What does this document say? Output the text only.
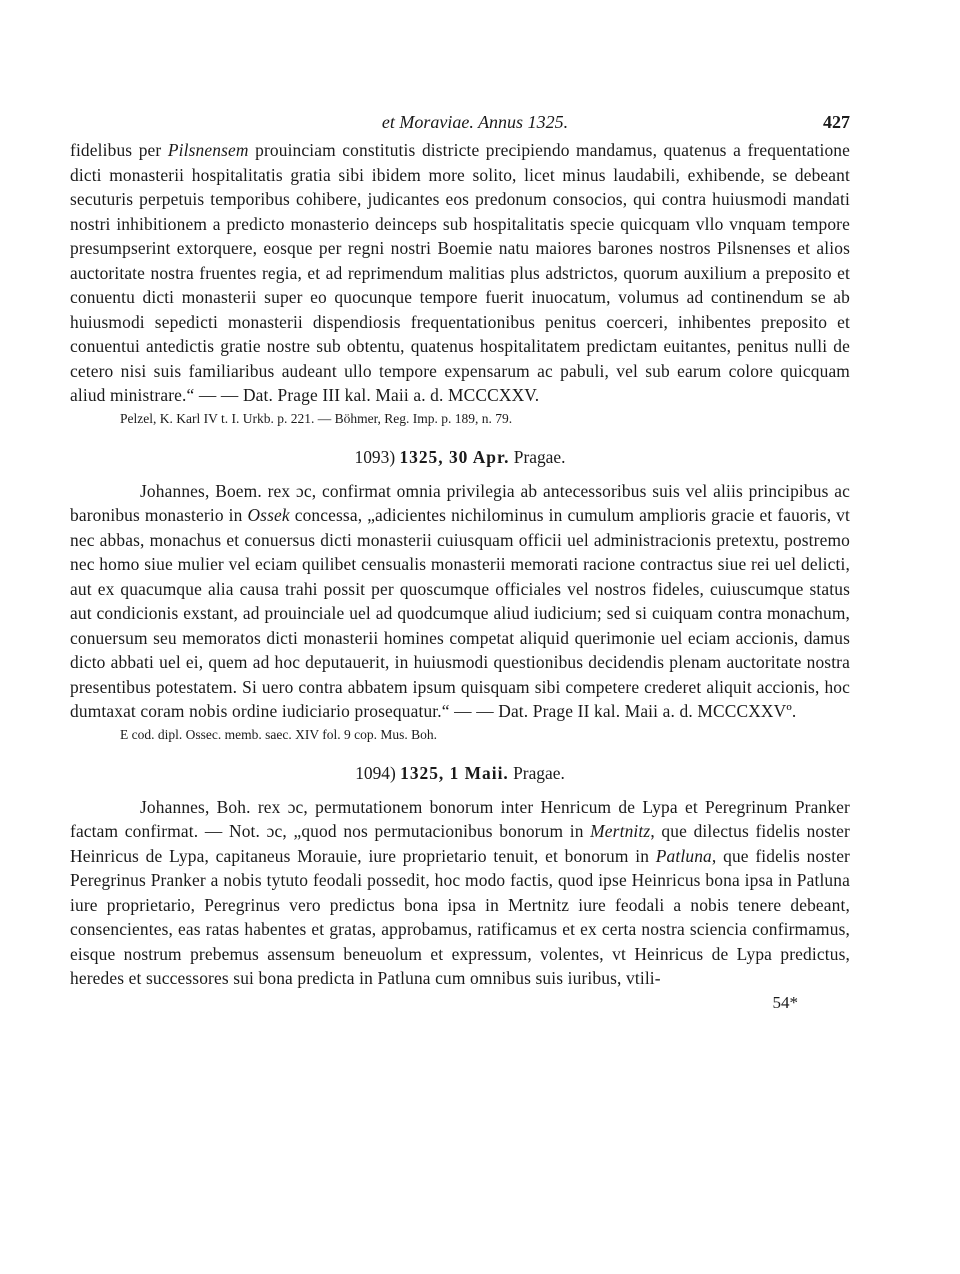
et Moraviae. Annus 1325.	427

fidelibus per Pilsnensem prouinciam constitutis districte precipiendo mandamus, quatenus a frequentatione dicti monasterii hospitalitatis gratia sibi ibidem more solito, licet minus laudabili, exhibende, se debeant secuturis perpetuis temporibus cohibere, judicantes eos predonum consocios, qui contra huiusmodi mandati nostri inhibitionem a predicto monasterio deinceps sub hospitalitatis specie quicquam vllo vnquam tempore presumpserint extorquere, eosque per regni nostri Boemie natu maiores barones nostros Pilsnenses et alios auctoritate nostra fruentes regia, et ad reprimendum malitias plus adstrictos, quorum auxilium a preposito et conuentu dicti monasterii super eo quocunque tempore fuerit inuocatum, volumus ad continendum se ab huiusmodi sepedicti monasterii dispendiosis frequentationibus penitus coerceri, inhibentes preposito et conuentui antedictis gratie nostre sub obtentu, quatenus hospitalitatem predictam euitantes, penitus nulli de cetero nisi suis familiaribus audeant ullo tempore expensarum ac pabuli, vel sub earum colore quicquam aliud ministrare.“ — — Dat. Prage III kal. Maii a. d. MCCCXXV.

Pelzel, K. Karl IV t. I. Urkb. p. 221. — Böhmer, Reg. Imp. p. 189, n. 79.

1093) 1325, 30 Apr. Pragae.

Johannes, Boem. rex ɔc, confirmat omnia privilegia ab antecessoribus suis vel aliis principibus ac baronibus monasterio in Ossek concessa, „adicientes nichilominus in cumulum amplioris gracie et fauoris, vt nec abbas, monachus et conuersus dicti monasterii cuiusquam officii uel administracionis pretextu, postremo nec homo siue mulier vel eciam quilibet censualis monasterii memorati racione contractus siue rei uel delicti, aut ex quacumque alia causa trahi possit per quoscumque officiales vel nostros fideles, cuiuscumque status aut condicionis exstant, ad prouinciale uel ad quodcumque aliud iudicium; sed si cuiquam contra monachum, conuersum seu memoratos dicti monasterii homines competat aliquid querimonie uel eciam accionis, damus dicto abbati uel ei, quem ad hoc deputauerit, in huiusmodi questionibus decidendis plenam auctoritate nostra presentibus potestatem. Si uero contra abbatem ipsum quisquam sibi competere crederet aliquit accionis, hoc dumtaxat coram nobis ordine iudiciario prosequatur.“ — — Dat. Prage II kal. Maii a. d. MCCCXXVº.

E cod. dipl. Ossec. memb. saec. XIV fol. 9 cop. Mus. Boh.

1094) 1325, 1 Maii. Pragae.

Johannes, Boh. rex ɔc, permutationem bonorum inter Henricum de Lypa et Peregrinum Pranker factam confirmat. — Not. ɔc, „quod nos permutacionibus bonorum in Mertnitz, que dilectus fidelis noster Heinricus de Lypa, capitaneus Morauie, iure proprietario tenuit, et bonorum in Patluna, que fidelis noster Peregrinus Pranker a nobis tytuto feodali possedit, hoc modo factis, quod ipse Heinricus bona ipsa in Patluna iure proprietario, Peregrinus vero predictus bona ipsa in Mertnitz iure feodali a nobis tenere debeant, consencientes, eas ratas habentes et gratas, approbamus, ratificamus et ex certa nostra sciencia confirmamus, eisque nostrum prebemus assensum beneuolum et expressum, volentes, vt Heinricus de Lypa predictus, heredes et successores sui bona predicta in Patluna cum omnibus suis iuribus, vtili-

54*
